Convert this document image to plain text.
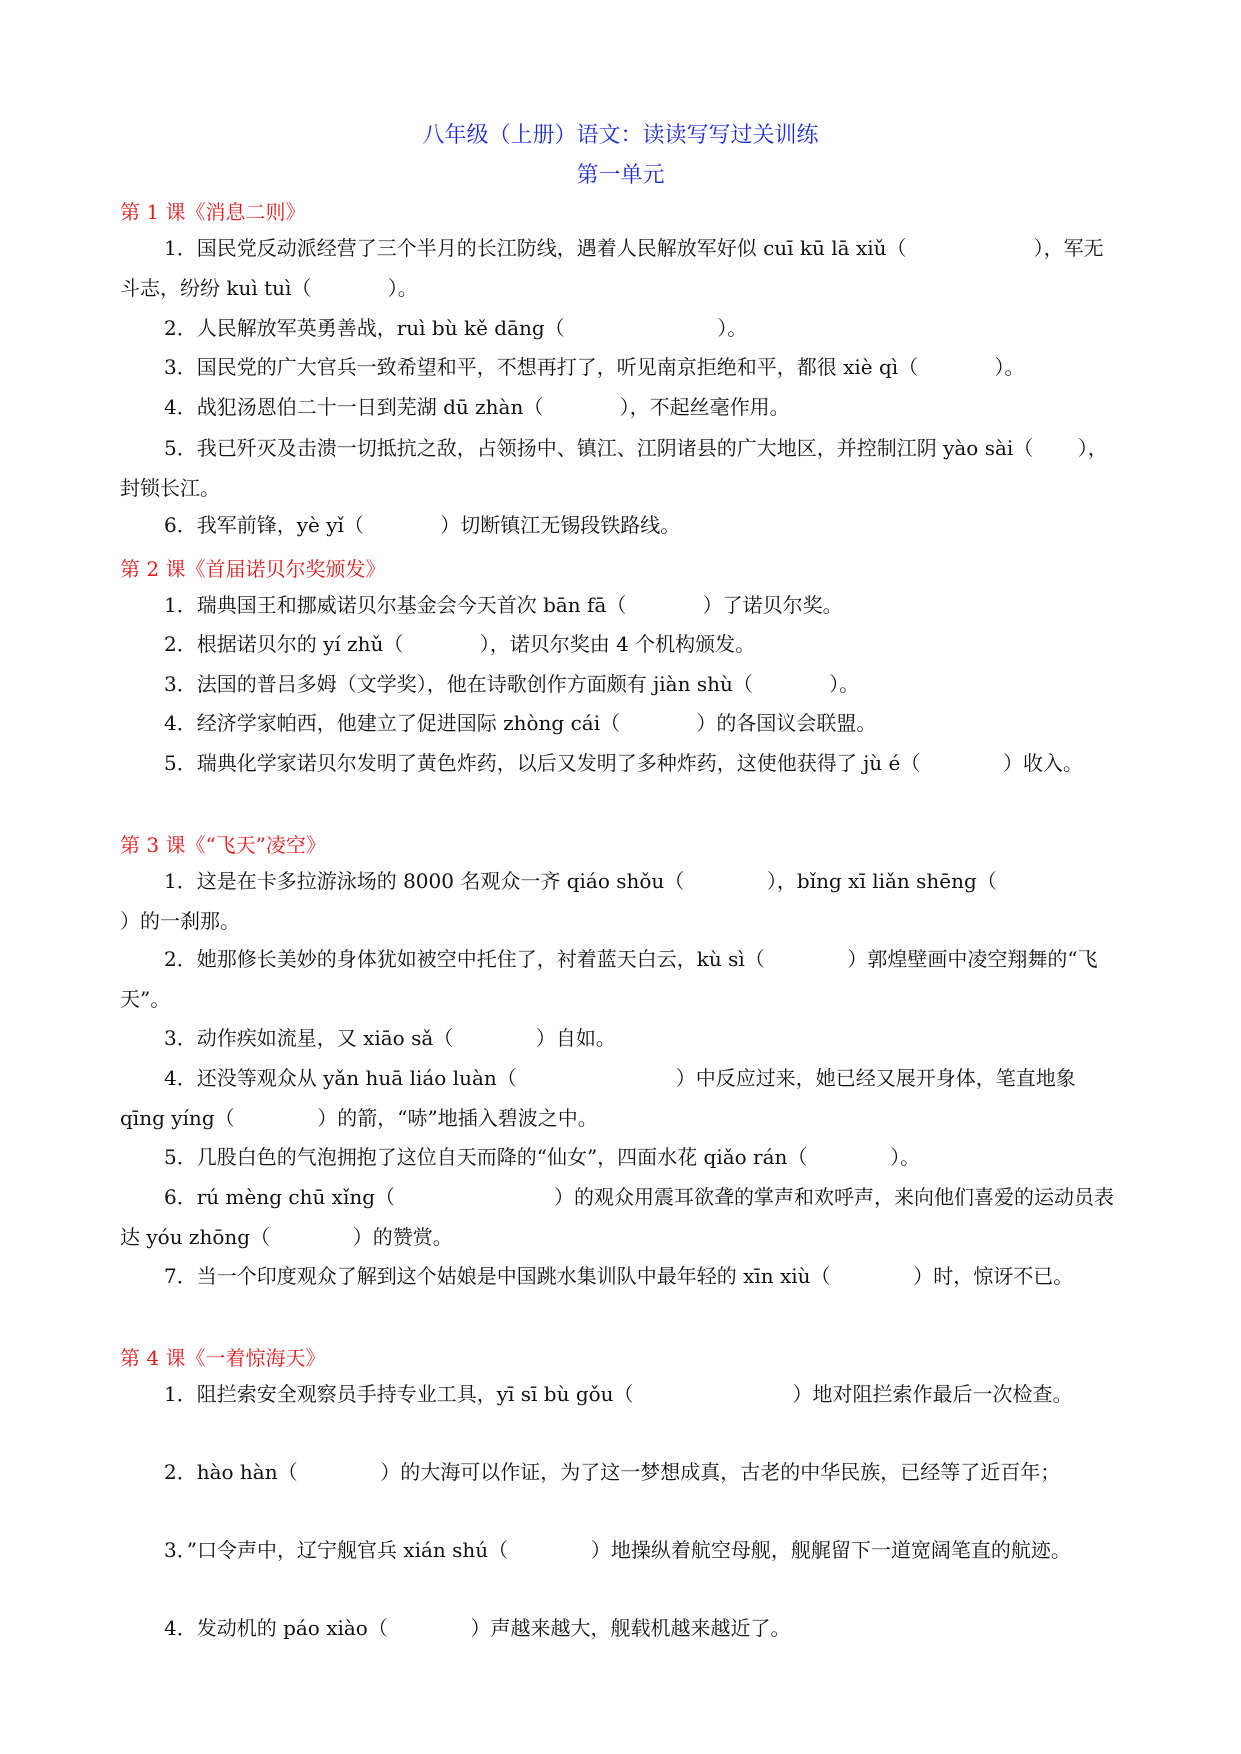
八年级（上册）语文：读读写写过关训练
第一单元
第 1 课《消息二则》

1．国民党反动派经营了三个半月的长江防线，遇着人民解放军好似 cuī kū lā xiǔ（                    ），军无斗志，纷纷 kuì tuì（            ）。

2．人民解放军英勇善战，ruì bù kě dāng（                        ）。

3．国民党的广大官兵一致希望和平，不想再打了，听见南京拒绝和平，都很 xiè qì（            ）。

4．战犯汤恩伯二十一日到芜湖 dū zhàn（            ），不起丝毫作用。

5．我已歼灭及击溃一切抵抗之敌，占领扬中、镇江、江阴诸县的广大地区，并控制江阴 yào sài（       ），封锁长江。

6．我军前锋，yè yǐ（            ）切断镇江无锡段铁路线。

第 2 课《首届诺贝尔奖颁发》

1．瑞典国王和挪威诺贝尔基金会今天首次 bān fā（            ）了诺贝尔奖。

2．根据诺贝尔的 yí zhǔ（            ），诺贝尔奖由 4 个机构颁发。

3．法国的普吕多姆（文学奖），他在诗歌创作方面颇有 jiàn shù（            ）。

4．经济学家帕西，他建立了促进国际 zhòng cái（            ）的各国议会联盟。

5．瑞典化学家诺贝尔发明了黄色炸药，以后又发明了多种炸药，这使他获得了 jù é（             ）收入。

第 3 课《“飞天”凌空》

1．这是在卡多拉游泳场的 8000 名观众一齐 qiáo shǒu（             ），bǐng xī liǎn shēng（                    ）的一刹那。

2．她那修长美妙的身体犹如被空中托住了，衬着蓝天白云，kù sì（             ）郭煌壁画中凌空翔舞的“飞天”。

3．动作疾如流星，又 xiāo sǎ（             ）自如。

4．还没等观众从 yǎn huā liáo luàn（                         ）中反应过来，她已经又展开身体，笔直地象 qīng yíng（             ）的箭，“哧”地插入碧波之中。

5．几股白色的气泡拥抱了这位自天而降的“仙女”，四面水花 qiǎo rán（             ）。

6．rú mèng chū xǐng（                         ）的观众用震耳欲聋的掌声和欢呼声，来向他们喜爱的运动员表达 yóu zhōng（             ）的赞赏。

7．当一个印度观众了解到这个姑娘是中国跳水集训队中最年轻的 xīn xiù（             ）时，惊讶不已。

第 4 课《一着惊海天》

1．阻拦索安全观察员手持专业工具，yī sī bù gǒu（                         ）地对阻拦索作最后一次检查。

2．hào hàn（             ）的大海可以作证，为了这一梦想成真，古老的中华民族，已经等了近百年；

3．”口令声中，辽宁舰官兵 xián shú（             ）地操纵着航空母舰，舰艉留下一道宽阔笔直的航迹。

4．发动机的 páo xiào（             ）声越来越大，舰载机越来越近了。
